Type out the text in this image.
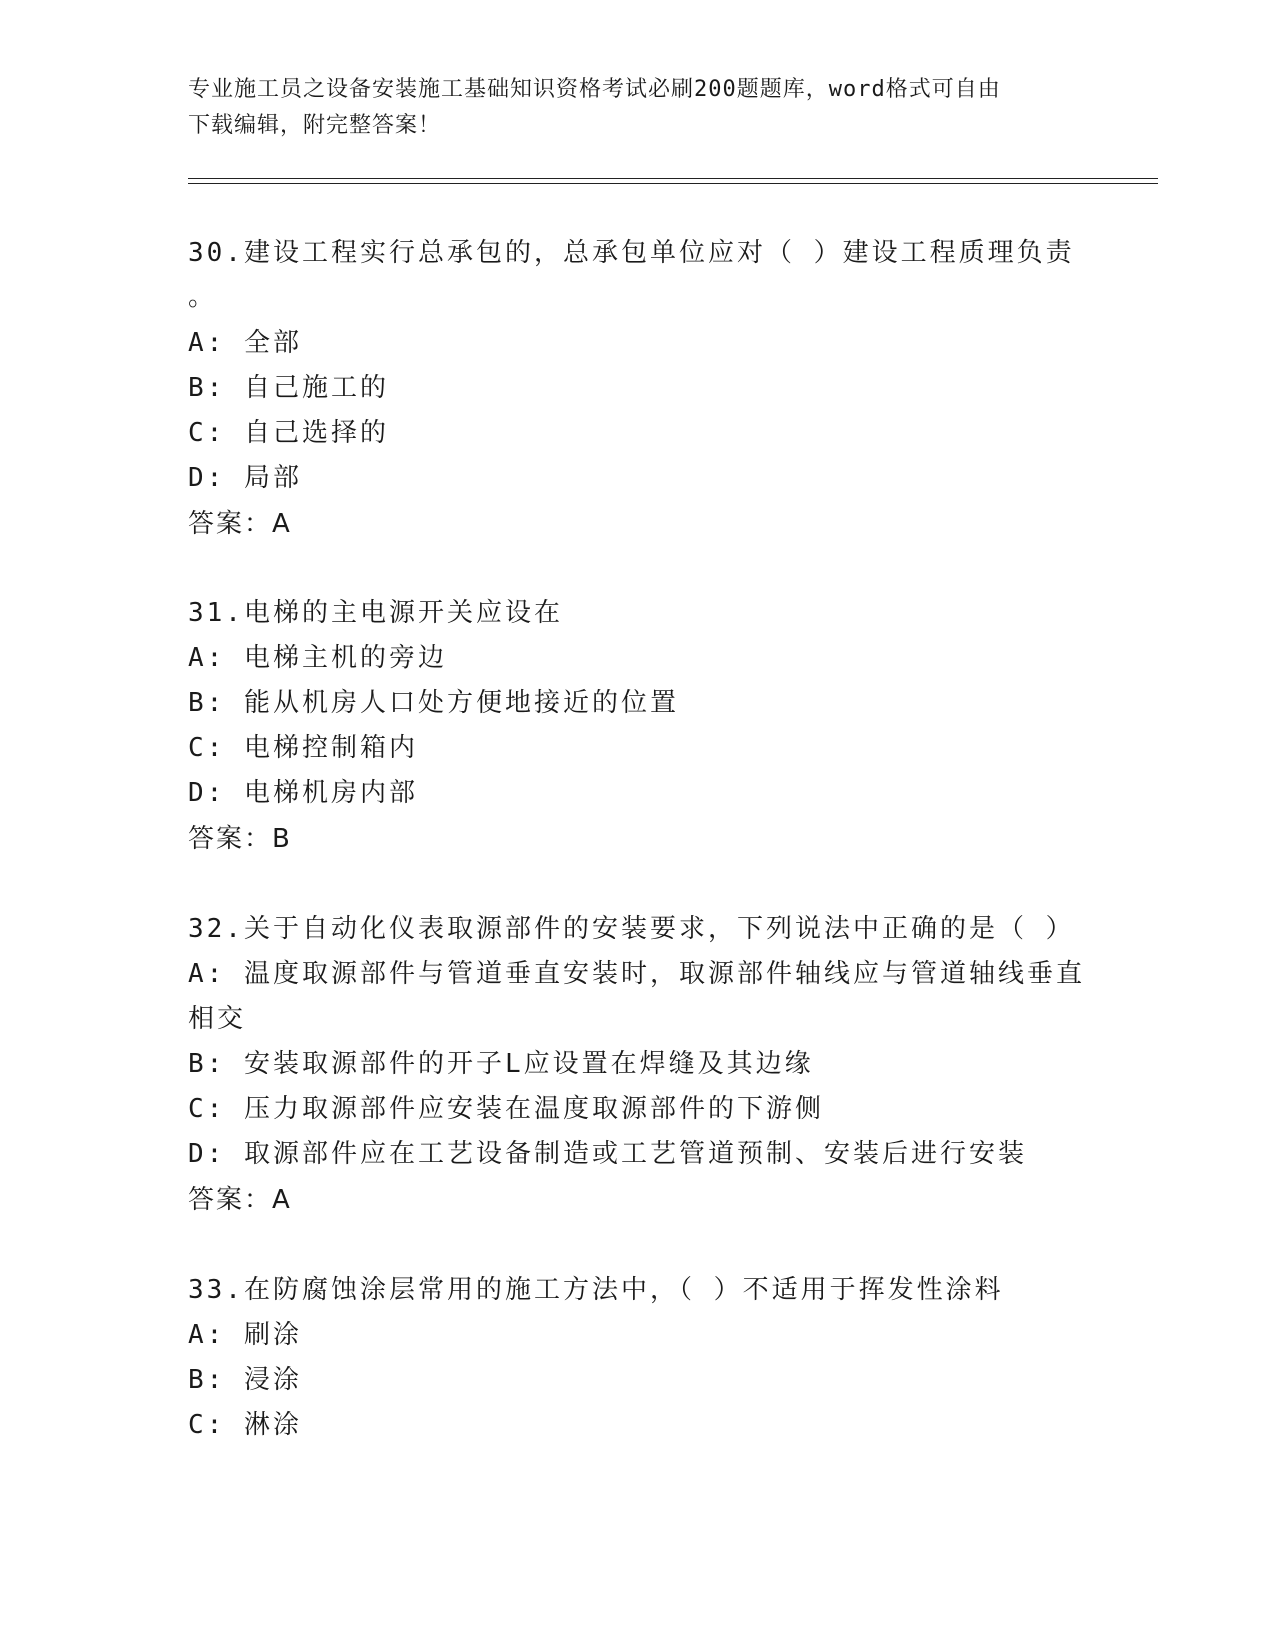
专业施工员之设备安装施工基础知识资格考试必刷200题题库，word格式可自由
下载编辑，附完整答案！
30.建设工程实行总承包的，总承包单位应对（ ）建设工程质理负责
。
A: 全部
B: 自己施工的
C: 自己选择的
D: 局部
答案：A
31.电梯的主电源开关应设在
A: 电梯主机的旁边
B: 能从机房人口处方便地接近的位置
C: 电梯控制箱内
D: 电梯机房内部
答案：B
32.关于自动化仪表取源部件的安装要求，下列说法中正确的是（ ）
A: 温度取源部件与管道垂直安装时，取源部件轴线应与管道轴线垂直
相交
B: 安装取源部件的开子L应设置在焊缝及其边缘
C: 压力取源部件应安装在温度取源部件的下游侧
D: 取源部件应在工艺设备制造或工艺管道预制、安装后进行安装
答案：A
33.在防腐蚀涂层常用的施工方法中，（ ）不适用于挥发性涂料
A: 刷涂
B: 浸涂
C: 淋涂
